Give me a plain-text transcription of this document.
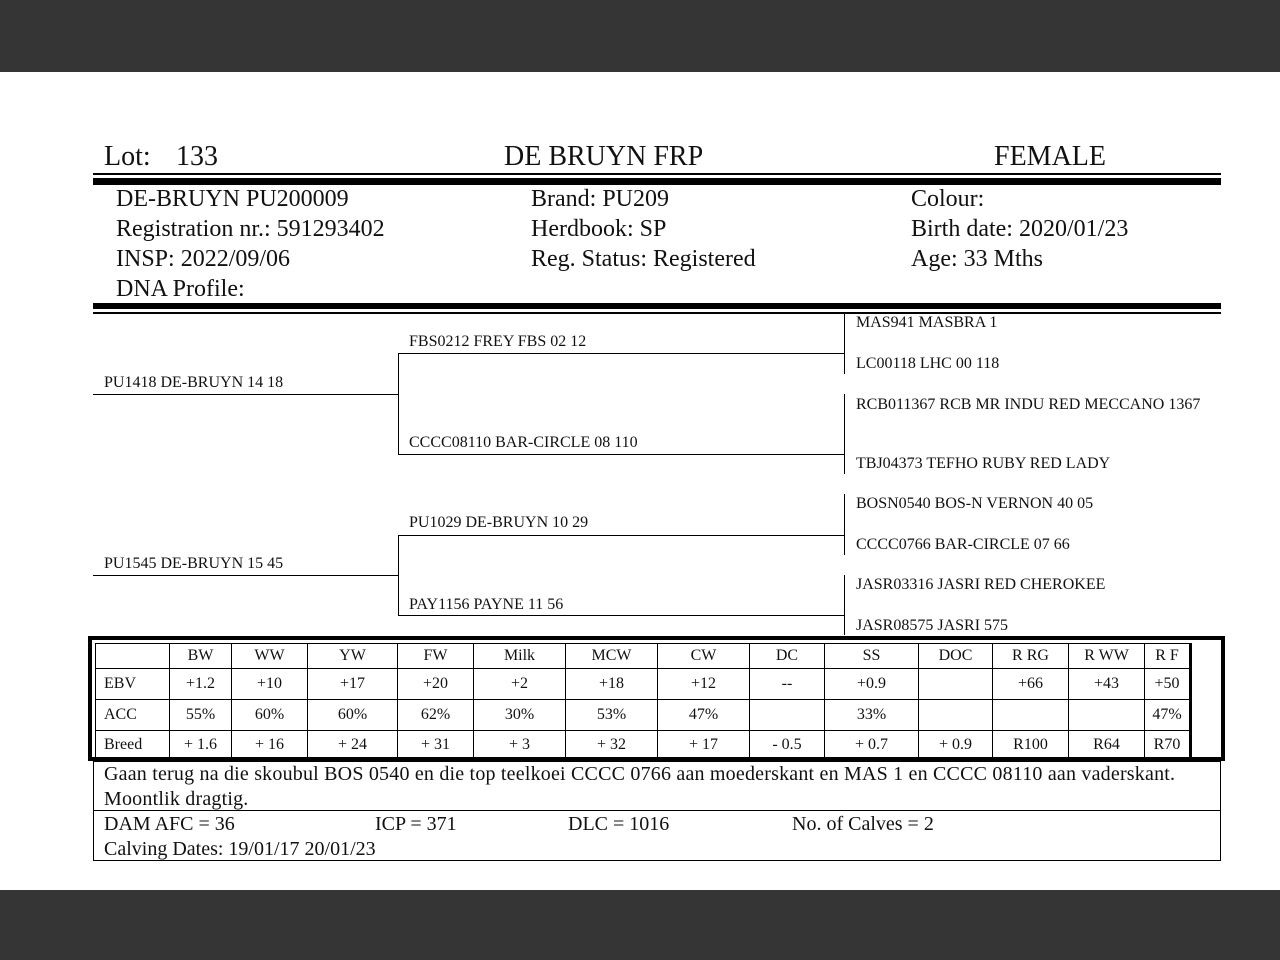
Lot: 133	DE BRUYN FRP	FEMALE
DE-BRUYN PU200009
Registration nr.: 591293402
INSP: 2022/09/06
DNA Profile:
Brand: PU209
Herdbook: SP
Reg. Status: Registered
Colour:
Birth date: 2020/01/23
Age: 33 Mths
PU1418 DE-BRUYN 14 18
PU1545 DE-BRUYN 15 45
FBS0212 FREY FBS 02 12
CCCC08110 BAR-CIRCLE 08 110
PU1029 DE-BRUYN 10 29
PAY1156 PAYNE 11 56
MAS941 MASBRA 1
LC00118 LHC 00 118
RCB011367 RCB MR INDU RED MECCANO 1367
TBJ04373 TEFHO RUBY RED LADY
BOSN0540 BOS-N VERNON 40 05
CCCC0766 BAR-CIRCLE 07 66
JASR03316 JASRI RED CHEROKEE
JASR08575 JASRI 575
	BW	WW	YW	FW	Milk	MCW	CW	DC	SS	DOC	R RG	R WW	R F
EBV	+1.2	+10	+17	+20	+2	+18	+12	--	+0.9		+66	+43	+50
ACC	55%	60%	60%	62%	30%	53%	47%		33%				47%
Breed	+ 1.6	+ 16	+ 24	+ 31	+ 3	+ 32	+ 17	- 0.5	+ 0.7	+ 0.9	R100	R64	R70
Gaan terug na die skoubul BOS 0540 en die top teelkoei CCCC 0766 aan moederskant en MAS 1 en CCCC 08110 aan vaderskant. Moontlik dragtig.
DAM AFC = 36	ICP = 371	DLC = 1016	No. of Calves = 2
Calving Dates: 19/01/17 20/01/23
